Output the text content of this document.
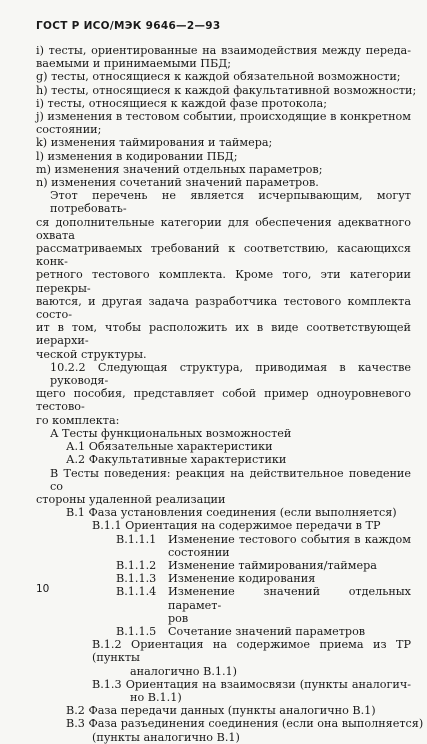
ГОСТ Р ИСО/МЭК 9646—2—93
i) тесты, ориентированные на взаимодействия между переда-
ваемыми и принимаемыми ПБД;
g) тесты, относящиеся к каждой обязательной возможности;
h) тесты, относящиеся к каждой факультативной возможности;
i) тесты, относящиеся к каждой фазе протокола;
j) изменения в тестовом событии, происходящие в конкретном
состоянии;
k) изменения таймирования и таймера;
l) изменения в кодировании ПБД;
m) изменения значений отдельных параметров;
n) изменения сочетаний значений параметров.
Этот перечень не является исчерпывающим, могут потребовать-
ся дополнительные категории для обеспечения адекватного охвата
рассматриваемых требований к соответствию, касающихся конк-
ретного тестового комплекта. Кроме того, эти категории перекры-
ваются, и другая задача разработчика тестового комплекта состо-
ит в том, чтобы расположить их в виде соответствующей иерархи-
ческой структуры.
10.2.2 Следующая структура, приводимая в качестве руководя-
щего пособия, представляет собой пример одноуровневого тестово-
го комплекта:
А Тесты функциональных возможностей
А.1 Обязательные характеристики
А.2 Факультативные характеристики
В Тесты поведения: реакция на действительное поведение со
стороны удаленной реализации
В.1 Фаза установления соединения (если выполняется)
В.1.1 Ориентация на содержимое передачи в ТР
В.1.1.1	Изменение тестового события в каждом
состоянии
В.1.1.2	Изменение таймирования/таймера
В.1.1.3	Изменение кодирования
В.1.1.4	Изменение значений отдельных парамет-
ров
В.1.1.5	Сочетание значений параметров
В.1.2 Ориентация на содержимое приема из ТР (пункты
аналогично В.1.1)
В.1.3 Ориентация на взаимосвязи (пункты аналогич-
но В.1.1)
В.2 Фаза передачи данных (пункты аналогично В.1)
В.3 Фаза разъединения соединения (если она выполняется)
(пункты аналогично В.1)
10
